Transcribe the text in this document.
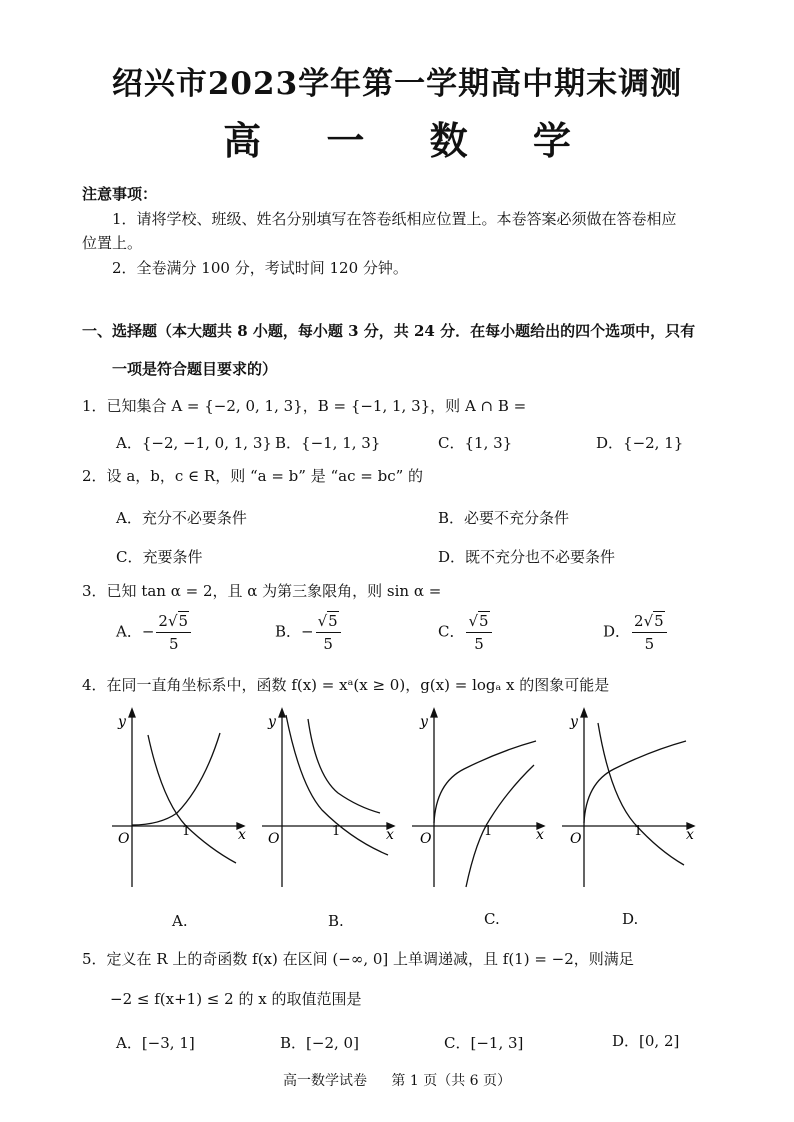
绍兴市2023学年第一学期高中期末调测
高 一 数 学
注意事项：
1．请将学校、班级、姓名分别填写在答卷纸相应位置上。本卷答案必须做在答卷相应
位置上。
2．全卷满分 100 分，考试时间 120 分钟。
一、选择题（本大题共 8 小题，每小题 3 分，共 24 分．在每小题给出的四个选项中，只有
一项是符合题目要求的）
1．已知集合 A = {−2, 0, 1, 3}，B = {−1, 1, 3}，则 A ∩ B =
A．{−2, −1, 0, 1, 3} B．{−1, 1, 3}	C．{1, 3}	D．{−2, 1}
2．设 a，b，c ∈ R，则 “a = b” 是 “ac = bc” 的
A．充分不必要条件	B．必要不充分条件
C．充要条件	D．既不充分也不必要条件
3．已知 tan α = 2，且 α 为第三象限角，则 sin α =
A．− $\frac{2√5}{5}$	B．− $\frac{√5}{5}$	C． $\frac{√5}{5}$	D． $\frac{2√5}{5}$
4．在同一直角坐标系中，函数 f(x) = xᵃ(x ≥ 0)，g(x) = logₐ x 的图象可能是
y
x
O	1
A.
y
x
O	1
B.
y
x
O	1
C.
y
x
O	1
D.
5．定义在 R 上的奇函数 f(x) 在区间 (−∞, 0] 上单调递减，且 f(1) = −2，则满足
−2 ≤ f(x+1) ≤ 2 的 x 的取值范围是
A．[−3, 1]	B．[−2, 0]	C．[−1, 3]	D．[0, 2]
高一数学试卷 第 1 页（共 6 页）
